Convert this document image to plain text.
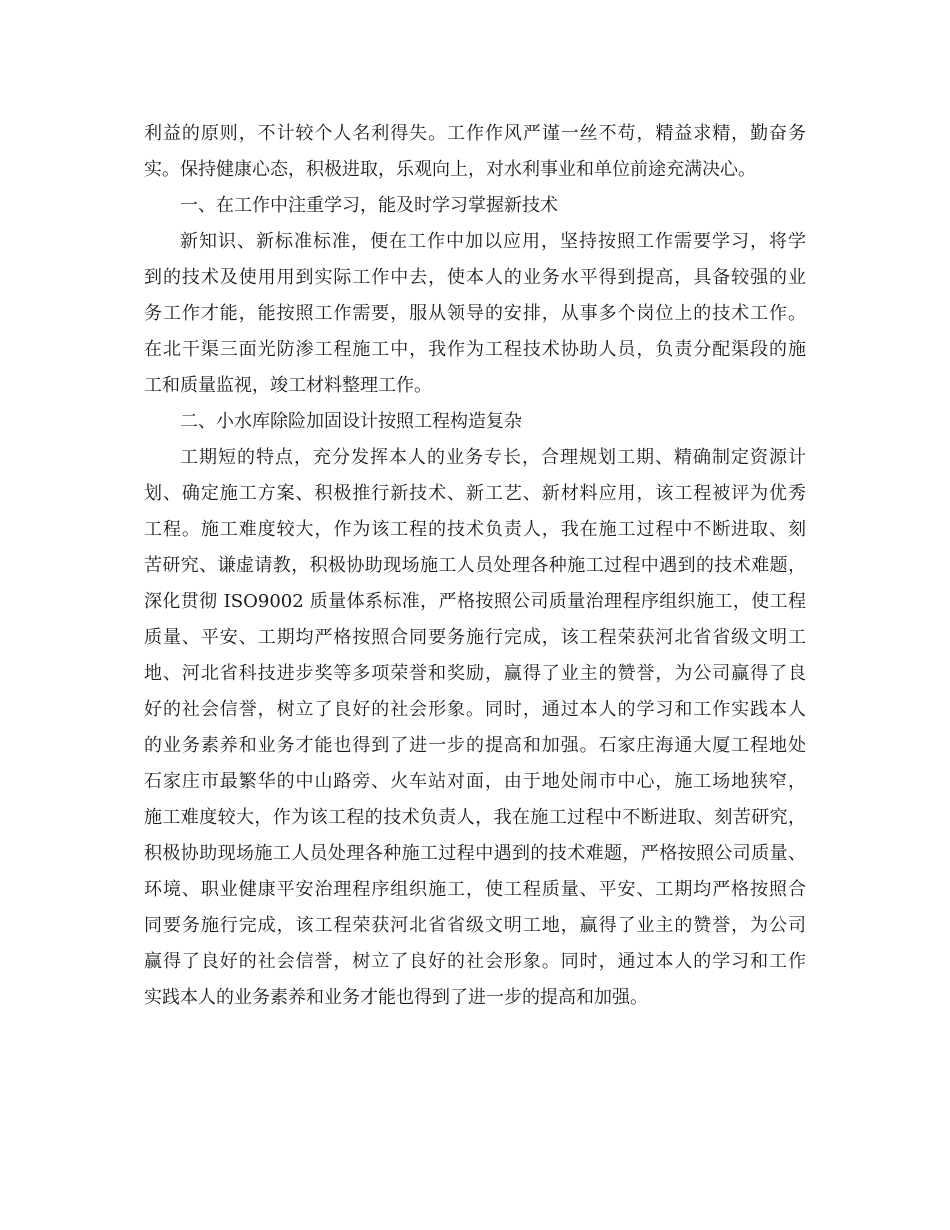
利益的原则，不计较个人名利得失。工作作风严谨一丝不苟，精益求精，勤奋务
实。保持健康心态，积极进取，乐观向上，对水利事业和单位前途充满决心。
一、在工作中注重学习，能及时学习掌握新技术
新知识、新标准标准，便在工作中加以应用，坚持按照工作需要学习，将学
到的技术及使用用到实际工作中去，使本人的业务水平得到提高，具备较强的业
务工作才能，能按照工作需要，服从领导的安排，从事多个岗位上的技术工作。
在北干渠三面光防渗工程施工中，我作为工程技术协助人员，负责分配渠段的施
工和质量监视，竣工材料整理工作。
二、小水库除险加固设计按照工程构造复杂
工期短的特点，充分发挥本人的业务专长，合理规划工期、精确制定资源计
划、确定施工方案、积极推行新技术、新工艺、新材料应用，该工程被评为优秀
工程。施工难度较大，作为该工程的技术负责人，我在施工过程中不断进取、刻
苦研究、谦虚请教，积极协助现场施工人员处理各种施工过程中遇到的技术难题，
深化贯彻 ISO9002 质量体系标准，严格按照公司质量治理程序组织施工，使工程
质量、平安、工期均严格按照合同要务施行完成，该工程荣获河北省省级文明工
地、河北省科技进步奖等多项荣誉和奖励，赢得了业主的赞誉，为公司赢得了良
好的社会信誉，树立了良好的社会形象。同时，通过本人的学习和工作实践本人
的业务素养和业务才能也得到了进一步的提高和加强。石家庄海通大厦工程地处
石家庄市最繁华的中山路旁、火车站对面，由于地处闹市中心，施工场地狭窄，
施工难度较大，作为该工程的技术负责人，我在施工过程中不断进取、刻苦研究，
积极协助现场施工人员处理各种施工过程中遇到的技术难题，严格按照公司质量、
环境、职业健康平安治理程序组织施工，使工程质量、平安、工期均严格按照合
同要务施行完成，该工程荣获河北省省级文明工地，赢得了业主的赞誉，为公司
赢得了良好的社会信誉，树立了良好的社会形象。同时，通过本人的学习和工作
实践本人的业务素养和业务才能也得到了进一步的提高和加强。
